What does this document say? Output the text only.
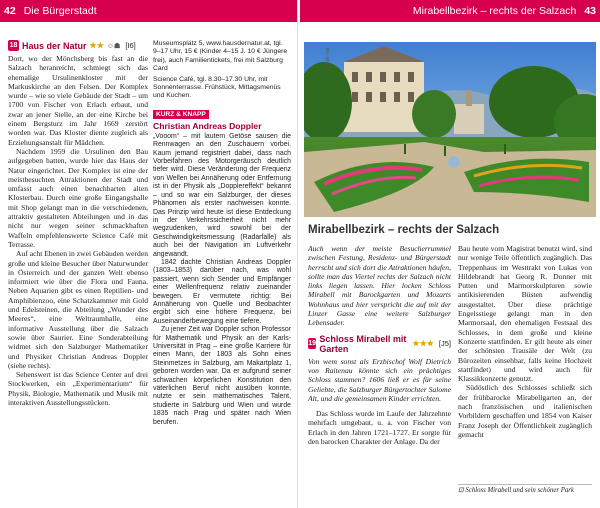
42 Die Bürgerstadt
18 Haus der Natur ★★ ☺☗ [I6]

Dort, wo der Mönchsberg bis fast an die Salzach heranreicht, schmiegt sich das ehemalige Ursulinenkloster mit der Markuskirche an den Felsen. Der Komplex wurde – wie so viele Gebäude der Stadt – um 1700 von Fischer von Erlach erbaut, und zwar an jener Stelle, an der eine Kirche bei einem Bergsturz im Jahr 1669 zerstört worden war. Das Kloster diente zugleich als Erziehungsanstalt für Mädchen.

Nachdem 1959 die Ursulinen den Bau aufgegeben hatten, wurde hier das Haus der Natur eingerichtet. Der Komplex ist eine der meistbesuchten Attraktionen der Stadt und umfasst auch einen benachbarten alten Klosterbau. Durch eine große Eingangshalle mit Shop gelangt man in die verschiedenen, attraktiv gestalteten Abteilungen und in das nicht nur wegen seiner schmackhaften Waffeln empfehlenswerte Science Café mit Terrasse.

Auf acht Ebenen in zwei Gebäuden werden große und kleine Besucher über Naturwunder in Österreich und der ganzen Welt ebenso informiert wie über die Flora und Fauna. Neben Aquarien gibt es einen Reptilien- und Amphibienzoo, eine Schatzkammer mit Gold und Edelsteinen, die Abteilung „Wunder des Meeres“, eine Weltraumhalle, eine informative Ausstellung über die Salzach sowie über Saurier. Eine Sonderabteilung widmet sich den Salzburger Mathematiker und Physiker Christian Andreas Doppler (siehe rechts).

Sehenswert ist das Science Center auf drei Stockwerken, ein „Experimentarium“ für Physik, Biologie, Mathematik und Musik mit interaktiven Ausstellungsstücken.

Museumsplatz 5, www.hausdernatur.at, tgl. 9–17 Uhr, 15 € (Kinder 4–15 J. 10 € Jüngere frei), auch Familientickets, frei mit Salzburg Card

Science Café, tgl. 8.30–17.30 Uhr, mit Sonnenterrasse. Frühstück, Mittagsmenüs und Kuchen.

KURZ & KNAPP
Christian Andreas Doppler

„Vooom“ – mit lautem Getöse sausen die Rennwagen an den Zuschauern vorbei. Kaum jemand registriert dabei, dass nach Vorbeifahren des Motorgeräusch deutlich tiefer wird. Diese Veränderung der Frequenz von Wellen bei Annäherung oder Entfernung ist in der Physik als „Dopplereffekt“ bekannt – und so war ein Salzburger, der dieses Phänomen als erster nachweisen konnte. Das Prinzip wird heute ist diese Entdeckung in der Verkehrssicherheit nicht mehr wegzudenken, wird sowohl bei der Geschwindigkeitsmessung (Radarfalle) als auch bei der Navigation im Luftverkehr angewandt.

1842 dachte Christian Andreas Doppler (1803–1853) darüber nach, was wohl passiert, wenn sich Sender und Empfänger einer Wellenfrequenz relativ zueinander bewegen. Er vermutete richtig: Bei Annäherung von Quelle und Beobachter ergibt sich eine höhere Frequenz, bei Auseinanderbewegung eine tiefere.

Zu jener Zeit war Doppler schon Professor für Mathematik und Physik an der Karls-Universität in Prag – eine große Karriere für einen Mann, der 1803 als Sohn eines Steinmetzes in Salzburg, am Makartplatz 1, geboren worden war. Da er aufgrund seiner schwachen körperlichen Konstitution den väterlichen Beruf nicht ausüben konnte, nutzte er sein mathematisches Talent, studierte in Salzburg und Wien und wurde 1835 nach Prag und später nach Wien berufen.

Mirabellbezirk – rechts der Salzach 43
026 bb / ml
Mirabellbezirk – rechts der Salzach

Auch wenn der meiste Besucherrummel zwischen Festung, Residenz- und Bürgerstadt herrscht und sich dort die Attraktionen häufen, sollte man das Viertel rechts der Salzach nicht links liegen lassen. Hier locken Schloss Mirabell mit Barockgarten und Mozarts Wohnhaus und hier verspricht die auf mit der Linzer Gasse eine weitere Salzburger Lebensader.

19 Schloss Mirabell mit Garten	★★★ [J5]

Von wem sonst als Erzbischof Wolf Dietrich von Raitenau könnte sich ein prächtiges Schloss stammen? 1606 ließ er es für seine Geliebte, die Salzburger Bürgertochter Salome Alt, und die gemeinsamen Kinder errichten.

Das Schloss wurde im Laufe der Jahrzehnte mehrfach umgebaut, u. a. von Fischer von Erlach in den Jahren 1721–1727. Er sorgte für den barocken Charakter der Anlage. Da der

Bau heute vom Magistrat benutzt wird, sind nur wenige Teile öffentlich zugänglich. Das Treppenhaus im Westtrakt von Lukas von Hildebrandt hat Georg R. Donner mit Putten und Marmorskulpturen sowie antikisierenden Büsten aufwendig ausgestaltet. Über diese prächtige Engelsstiege gelangt man in den Marmorsaal, den ehemaligen Festsaal des Schlosses, in dem große und kleine Konzerte stattfinden. Er gilt heute als einer der schönsten Trausäle der Welt (zu Bürozeiten einsehbar, falls keine Hochzeit stattfindet) und wird auch für Klassikkonzerte genutzt.

Südöstlich des Schlosses schließt sich der frühbarocke Mirabellgarten an, der nach französischen und italienischen Vorbildern geschaffen und 1854 von Kaiser Franz Joseph der Öffentlichkeit zugänglich gemacht

⊡ Schloss Mirabell und sein schöner Park
